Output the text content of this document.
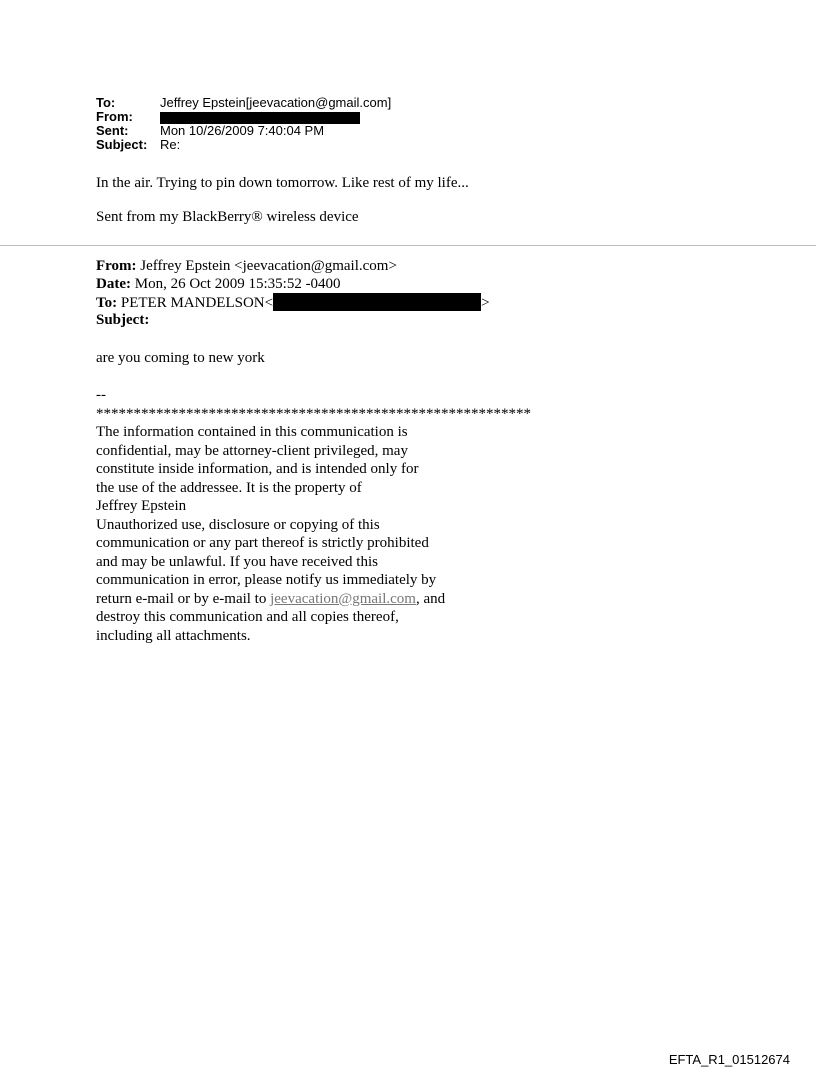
To:	Jeffrey Epstein[jeevacation@gmail.com]
From:
Sent:	Mon 10/26/2009 7:40:04 PM
Subject: Re:
In the air. Trying to pin down tomorrow. Like rest of my life...
Sent from my BlackBerry® wireless device
From: Jeffrey Epstein <jeevacation@gmail.com>
Date: Mon, 26 Oct 2009 15:35:52 -0400
To: PETER MANDELSON<	>
Subject:
are you coming to new york
--
**********************************************************
The information contained in this communication is
confidential, may be attorney-client privileged, may
constitute inside information, and is intended only for
the use of the addressee. It is the property of
Jeffrey Epstein
Unauthorized use, disclosure or copying of this
communication or any part thereof is strictly prohibited
and may be unlawful. If you have received this
communication in error, please notify us immediately by
return e-mail or by e-mail to jeevacation@gmail.com, and
destroy this communication and all copies thereof,
including all attachments.
EFTA_R1_01512674
